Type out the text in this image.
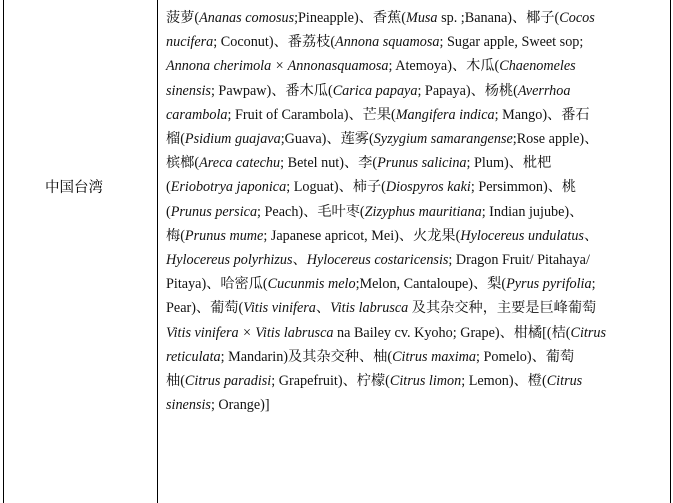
中国台湾
菠萝(Ananas comosus;Pineapple)、香蕉(Musa sp. ;Banana)、椰子(Cocos
nucifera; Coconut)、番荔枝(Annona squamosa; Sugar apple, Sweet sop;
Annona cherimola × Annonasquamosa; Atemoya)、木瓜(Chaenomeles
sinensis; Pawpaw)、番木瓜(Carica papaya; Papaya)、杨桃(Averrhoa
carambola; Fruit of Carambola)、芒果(Mangifera indica; Mango)、番石
榴(Psidium guajava;Guava)、莲雾(Syzygium samarangense;Rose apple)、
槟榔(Areca catechu; Betel nut)、李(Prunus salicina; Plum)、枇杷
(Eriobotrya japonica; Loguat)、柿子(Diospyros kaki; Persimmon)、桃
(Prunus persica; Peach)、毛叶枣(Zizyphus mauritiana; Indian jujube)、
梅(Prunus mume; Japanese apricot, Mei)、火龙果(Hylocereus undulatus、
Hylocereus polyrhizus、Hylocereus costaricensis; Dragon Fruit/ Pitahaya/
Pitaya)、哈密瓜(Cucunmis melo;Melon, Cantaloupe)、梨(Pyrus pyrifolia;
Pear)、葡萄(Vitis vinifera、Vitis labrusca 及其杂交种，主要是巨峰葡萄
Vitis vinifera × Vitis labrusca na Bailey cv. Kyoho; Grape)、柑橘[(桔(Citrus
reticulata; Mandarin)及其杂交种、柚(Citrus maxima; Pomelo)、葡萄
柚(Citrus paradisi; Grapefruit)、柠檬(Citrus limon; Lemon)、橙(Citrus
sinensis; Orange)]
